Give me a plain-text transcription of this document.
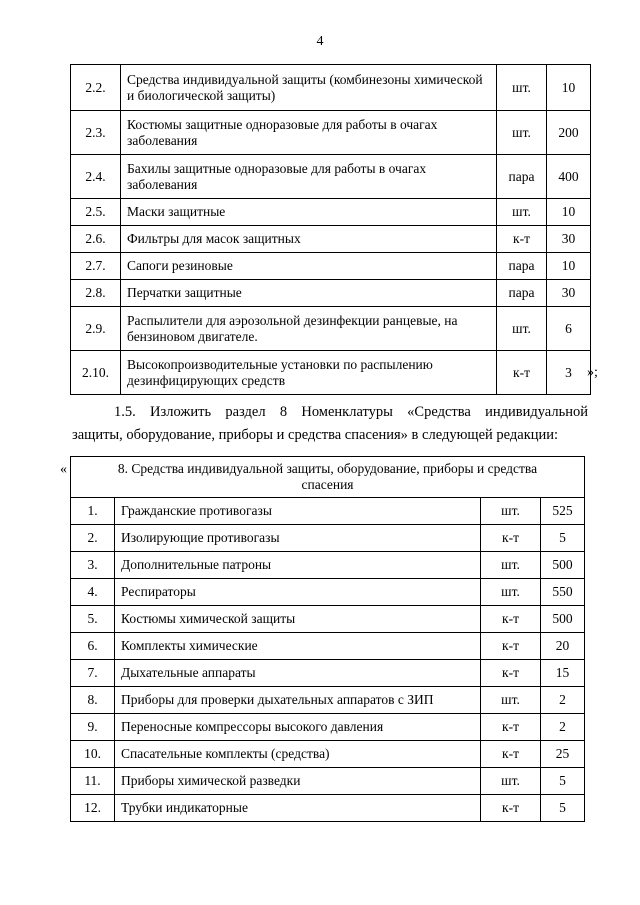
4
2.2.	Средства индивидуальной защиты (комбинезоны химической и биологической защиты)	шт.	10
2.3.	Костюмы защитные одноразовые для работы в очагах заболевания	шт.	200
2.4.	Бахилы защитные одноразовые для работы в очагах заболевания	пара	400
2.5.	Маски защитные	шт.	10
2.6.	Фильтры для масок защитных	к-т	30
2.7.	Сапоги резиновые	пара	10
2.8.	Перчатки защитные	пара	30
2.9.	Распылители для аэрозольной дезинфекции ранцевые, на бензиновом двигателе.	шт.	6
2.10.	Высокопроизводительные установки по распылению дезинфицирующих средств	к-т	3 »;
1.5. Изложить раздел 8 Номенклатуры «Средства индивидуальной
защиты, оборудование, приборы и средства спасения» в следующей редакции:
«	8. Средства индивидуальной защиты, оборудование, приборы и средства спасения			
1.	Гражданские противогазы	шт.	525
2.	Изолирующие противогазы	к-т	5
3.	Дополнительные патроны	шт.	500
4.	Респираторы	шт.	550
5.	Костюмы химической защиты	к-т	500
6.	Комплекты химические	к-т	20
7.	Дыхательные аппараты	к-т	15
8.	Приборы для проверки дыхательных аппаратов с ЗИП	шт.	2
9.	Переносные компрессоры высокого давления	к-т	2
10.	Спасательные комплекты (средства)	к-т	25
11.	Приборы химической разведки	шт.	5
12.	Трубки индикаторные	к-т	5
